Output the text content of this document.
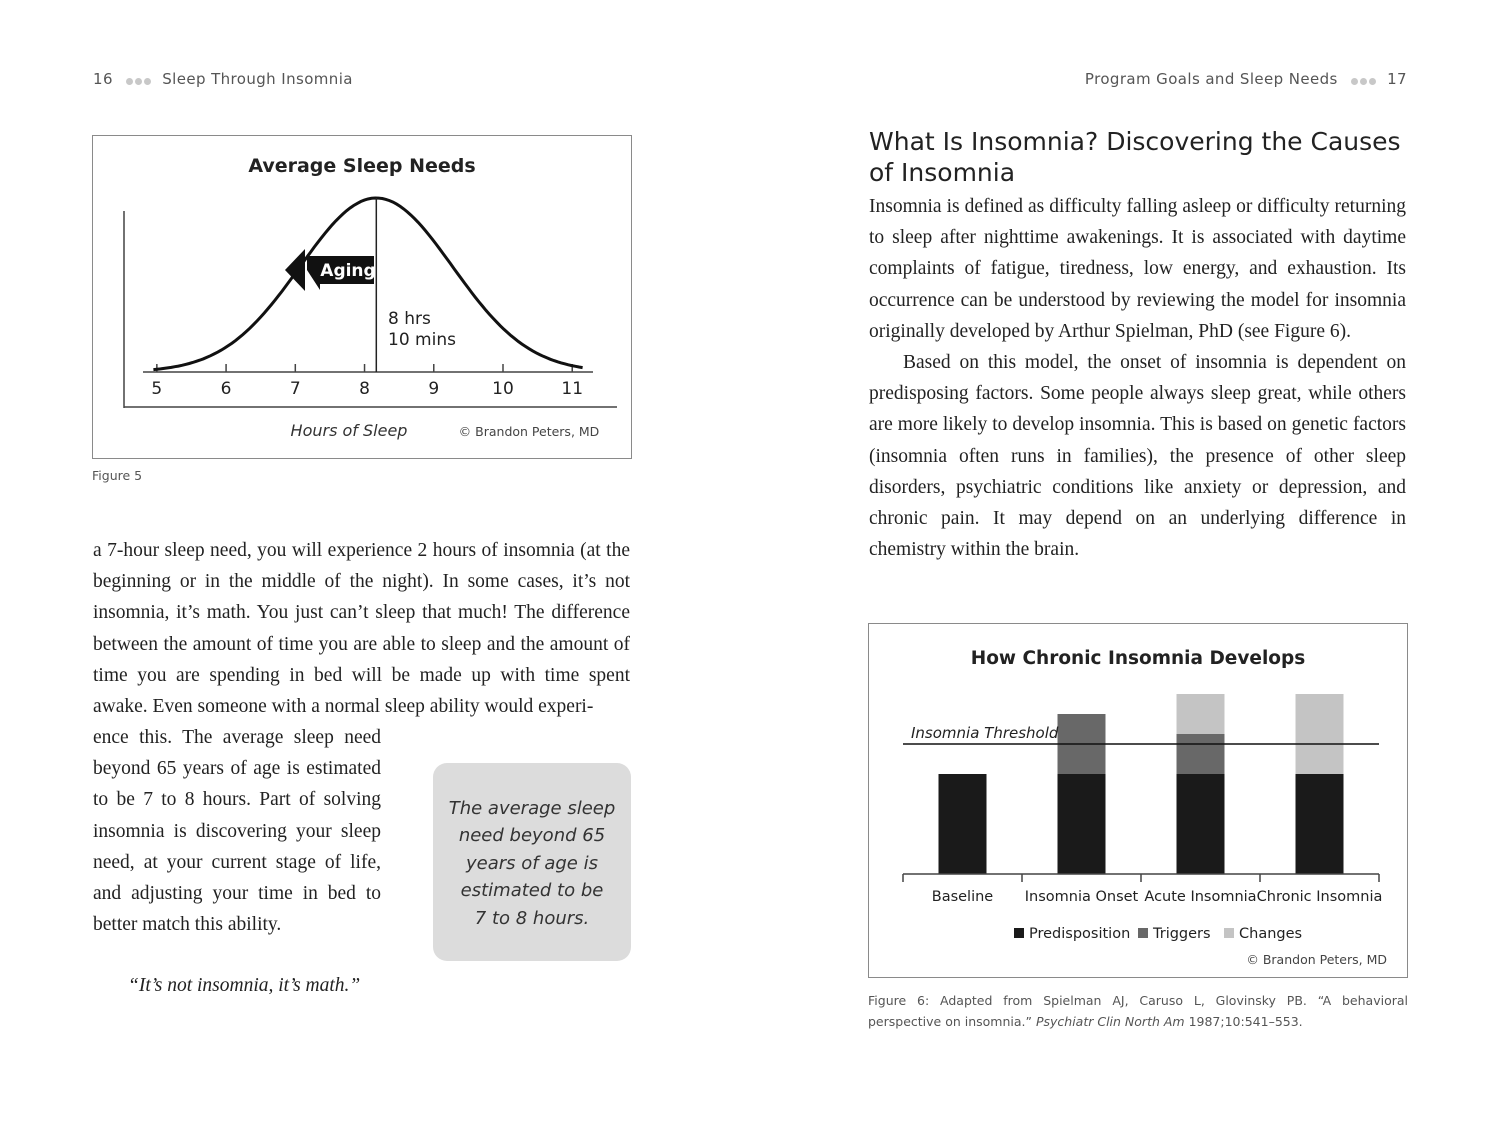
16	Sleep Through Insomnia
Average Sleep Needs
5	6	7	8	9	10	11
Aging
8 hrs
10 mins
Hours of Sleep	© Brandon Peters, MD
Figure 5

a 7-hour sleep need, you will experience 2 hours of insomnia (at the beginning or in the middle of the night). In some cases, it’s not insomnia, it’s math. You just can’t sleep that much! The difference between the amount of time you are able to sleep and the amount of time you are spending in bed will be made up with time spent awake. Even someone with a normal sleep ability would experi-

ence this. The average sleep need

beyond 65 years of age is estimated

to be 7 to 8 hours. Part of solving

insomnia is discovering your sleep

need, at your current stage of life,

and adjusting your time in bed to

better match this ability.

The average sleep
need beyond 65
years of age is
estimated to be
7 to 8 hours.
“It’s not insomnia, it’s math.”
Program Goals and Sleep Needs	17
What Is Insomnia? Discovering the Causes
of Insomnia

Insomnia is defined as difficulty falling asleep or difficulty returning to sleep after nighttime awakenings. It is associated with daytime complaints of fatigue, tiredness, low energy, and exhaustion. Its occurrence can be understood by reviewing the model for insomnia originally developed by Arthur Spielman, PhD (see Figure 6).

Based on this model, the onset of insomnia is dependent on predisposing factors. Some people always sleep great, while others are more likely to develop insomnia. This is based on genetic factors (insomnia often runs in families), the presence of other sleep disorders, psychiatric conditions like anxiety or depression, and chronic pain. It may depend on an underlying difference in chemistry within the brain.

How Chronic Insomnia Develops
Insomnia Threshold
Baseline Insomnia Onset Acute Insomnia Chronic Insomnia
Predisposition Triggers Changes
© Brandon Peters, MD
Figure 6: Adapted from Spielman AJ, Caruso L, Glovinsky PB. “A behavioral perspective on insomnia.” Psychiatr Clin North Am 1987;10:541–553.
